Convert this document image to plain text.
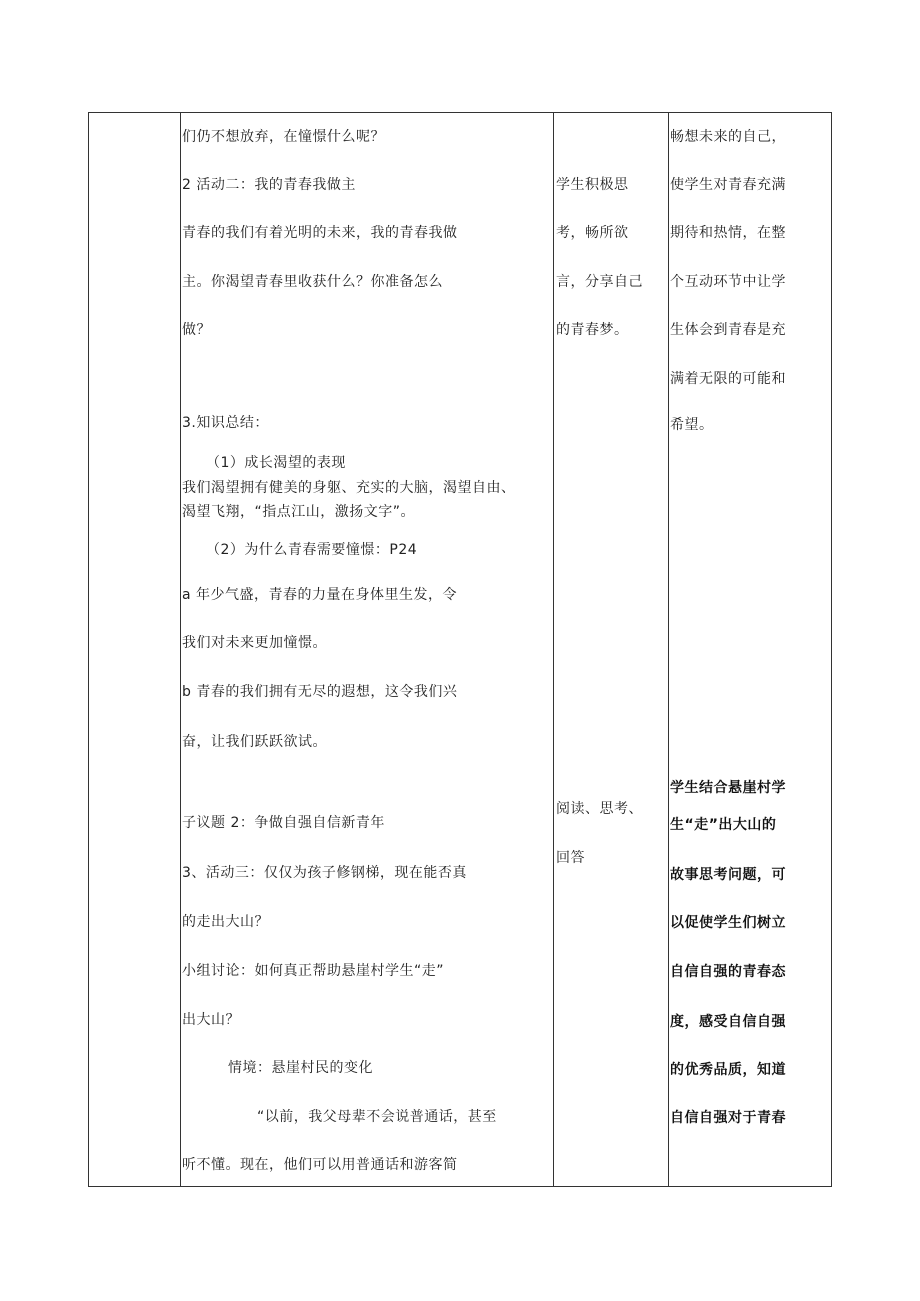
们仍不想放弃，在憧憬什么呢？
2 活动二：我的青春我做主
青春的我们有着光明的未来，我的青春我做
主。你渴望青春里收获什么？你准备怎么
做？
3.知识总结：
（1）成长渴望的表现
我们渴望拥有健美的身躯、充实的大脑，渴望自由、
渴望飞翔，“指点江山，激扬文字”。
（2）为什么青春需要憧憬：P24
a 年少气盛，青春的力量在身体里生发，令
我们对未来更加憧憬。
b 青春的我们拥有无尽的遐想，这令我们兴
奋，让我们跃跃欲试。
子议题 2：争做自强自信新青年
3、活动三：仅仅为孩子修钢梯，现在能否真
的走出大山？
小组讨论：如何真正帮助悬崖村学生“走”
出大山？
情境：悬崖村民的变化
“以前，我父母辈不会说普通话，甚至
听不懂。现在，他们可以用普通话和游客简
学生积极思
考，畅所欲
言，分享自己
的青春梦。
阅读、思考、
回答
畅想未来的自己，
使学生对青春充满
期待和热情，在整
个互动环节中让学
生体会到青春是充
满着无限的可能和
希望。
学生结合悬崖村学
生“走”出大山的
故事思考问题，可
以促使学生们树立
自信自强的青春态
度，感受自信自强
的优秀品质，知道
自信自强对于青春
